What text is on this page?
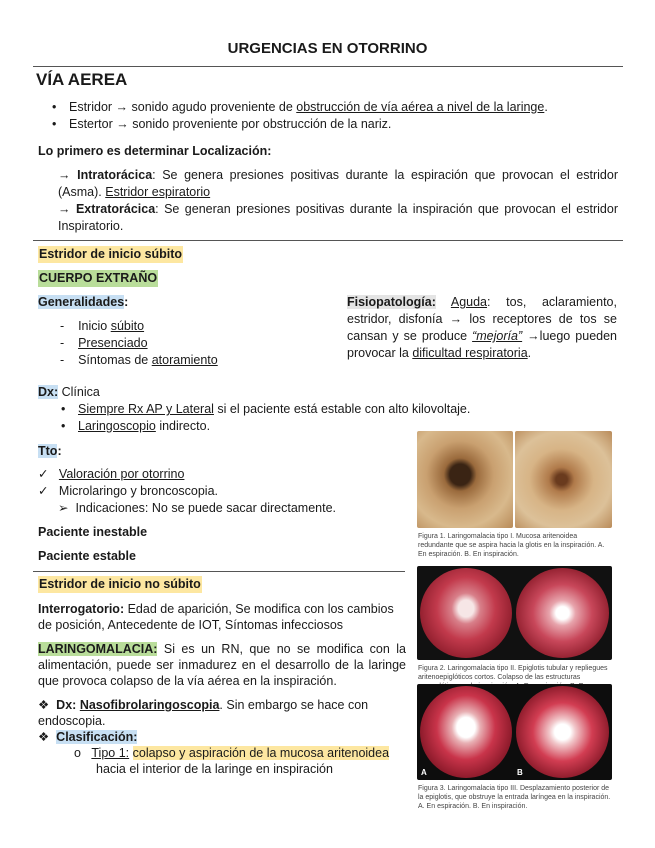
URGENCIAS EN OTORRINO
VÍA AEREA
• Estridor → sonido agudo proveniente de obstrucción de vía aérea a nivel de la laringe.
• Estertor → sonido proveniente por obstrucción de la nariz.
Lo primero es determinar Localización:
→ Intratorácica: Se genera presiones positivas durante la espiración que provocan el estridor (Asma). Estridor espiratorio
→ Extratorácica: Se generan presiones positivas durante la inspiración que provocan el estridor Inspiratorio.
Estridor de inicio súbito
CUERPO EXTRAÑO
Generalidades:
-    Inicio súbito
-    Presenciado
-    Síntomas de atoramiento
Fisiopatología: Aguda: tos, aclaramiento, estridor, disfonía → los receptores de tos se cansan y se produce “mejoría” →luego pueden provocar la dificultad respiratoria.
Dx: Clínica
• Siempre Rx AP y Lateral si el paciente está estable con alto kilovoltaje.
• Laringoscopio indirecto.
Tto:
✓ Valoración por otorrino
✓ Microlaringo y broncoscopia.
➢ Indicaciones: No se puede sacar directamente.
Paciente inestable
Paciente estable
Estridor de inicio no súbito
Interrogatorio: Edad de aparición, Se modifica con los cambios de posición, Antecedente de IOT, Síntomas infecciosos
LARINGOMALACIA: Si es un RN, que no se modifica con la alimentación, puede ser inmadurez en el desarrollo de la laringe que provoca colapso de la vía aérea en la inspiración.
❖ Dx: Nasofibrolaringoscopia. Sin embargo se hace con endoscopia.
❖ Clasificación:
o Tipo 1: colapso y aspiración de la mucosa aritenoidea
hacia el interior de la laringe en inspiración
Figura 1. Laringomalacia tipo I. Mucosa aritenoidea redundante que se aspira hacia la glotis en la inspiración. A. En espiración. B. En inspiración.
Figura 2. Laringomalacia tipo II. Epiglotis tubular y repliegues aritenoepiglóticos cortos. Colapso de las estructuras
A	B
Figura 3. Laringomalacia tipo III. Desplazamiento posterior de la epiglotis, que obstruye la entrada laríngea en la inspiración. A. En espiración. B. En inspiración.
